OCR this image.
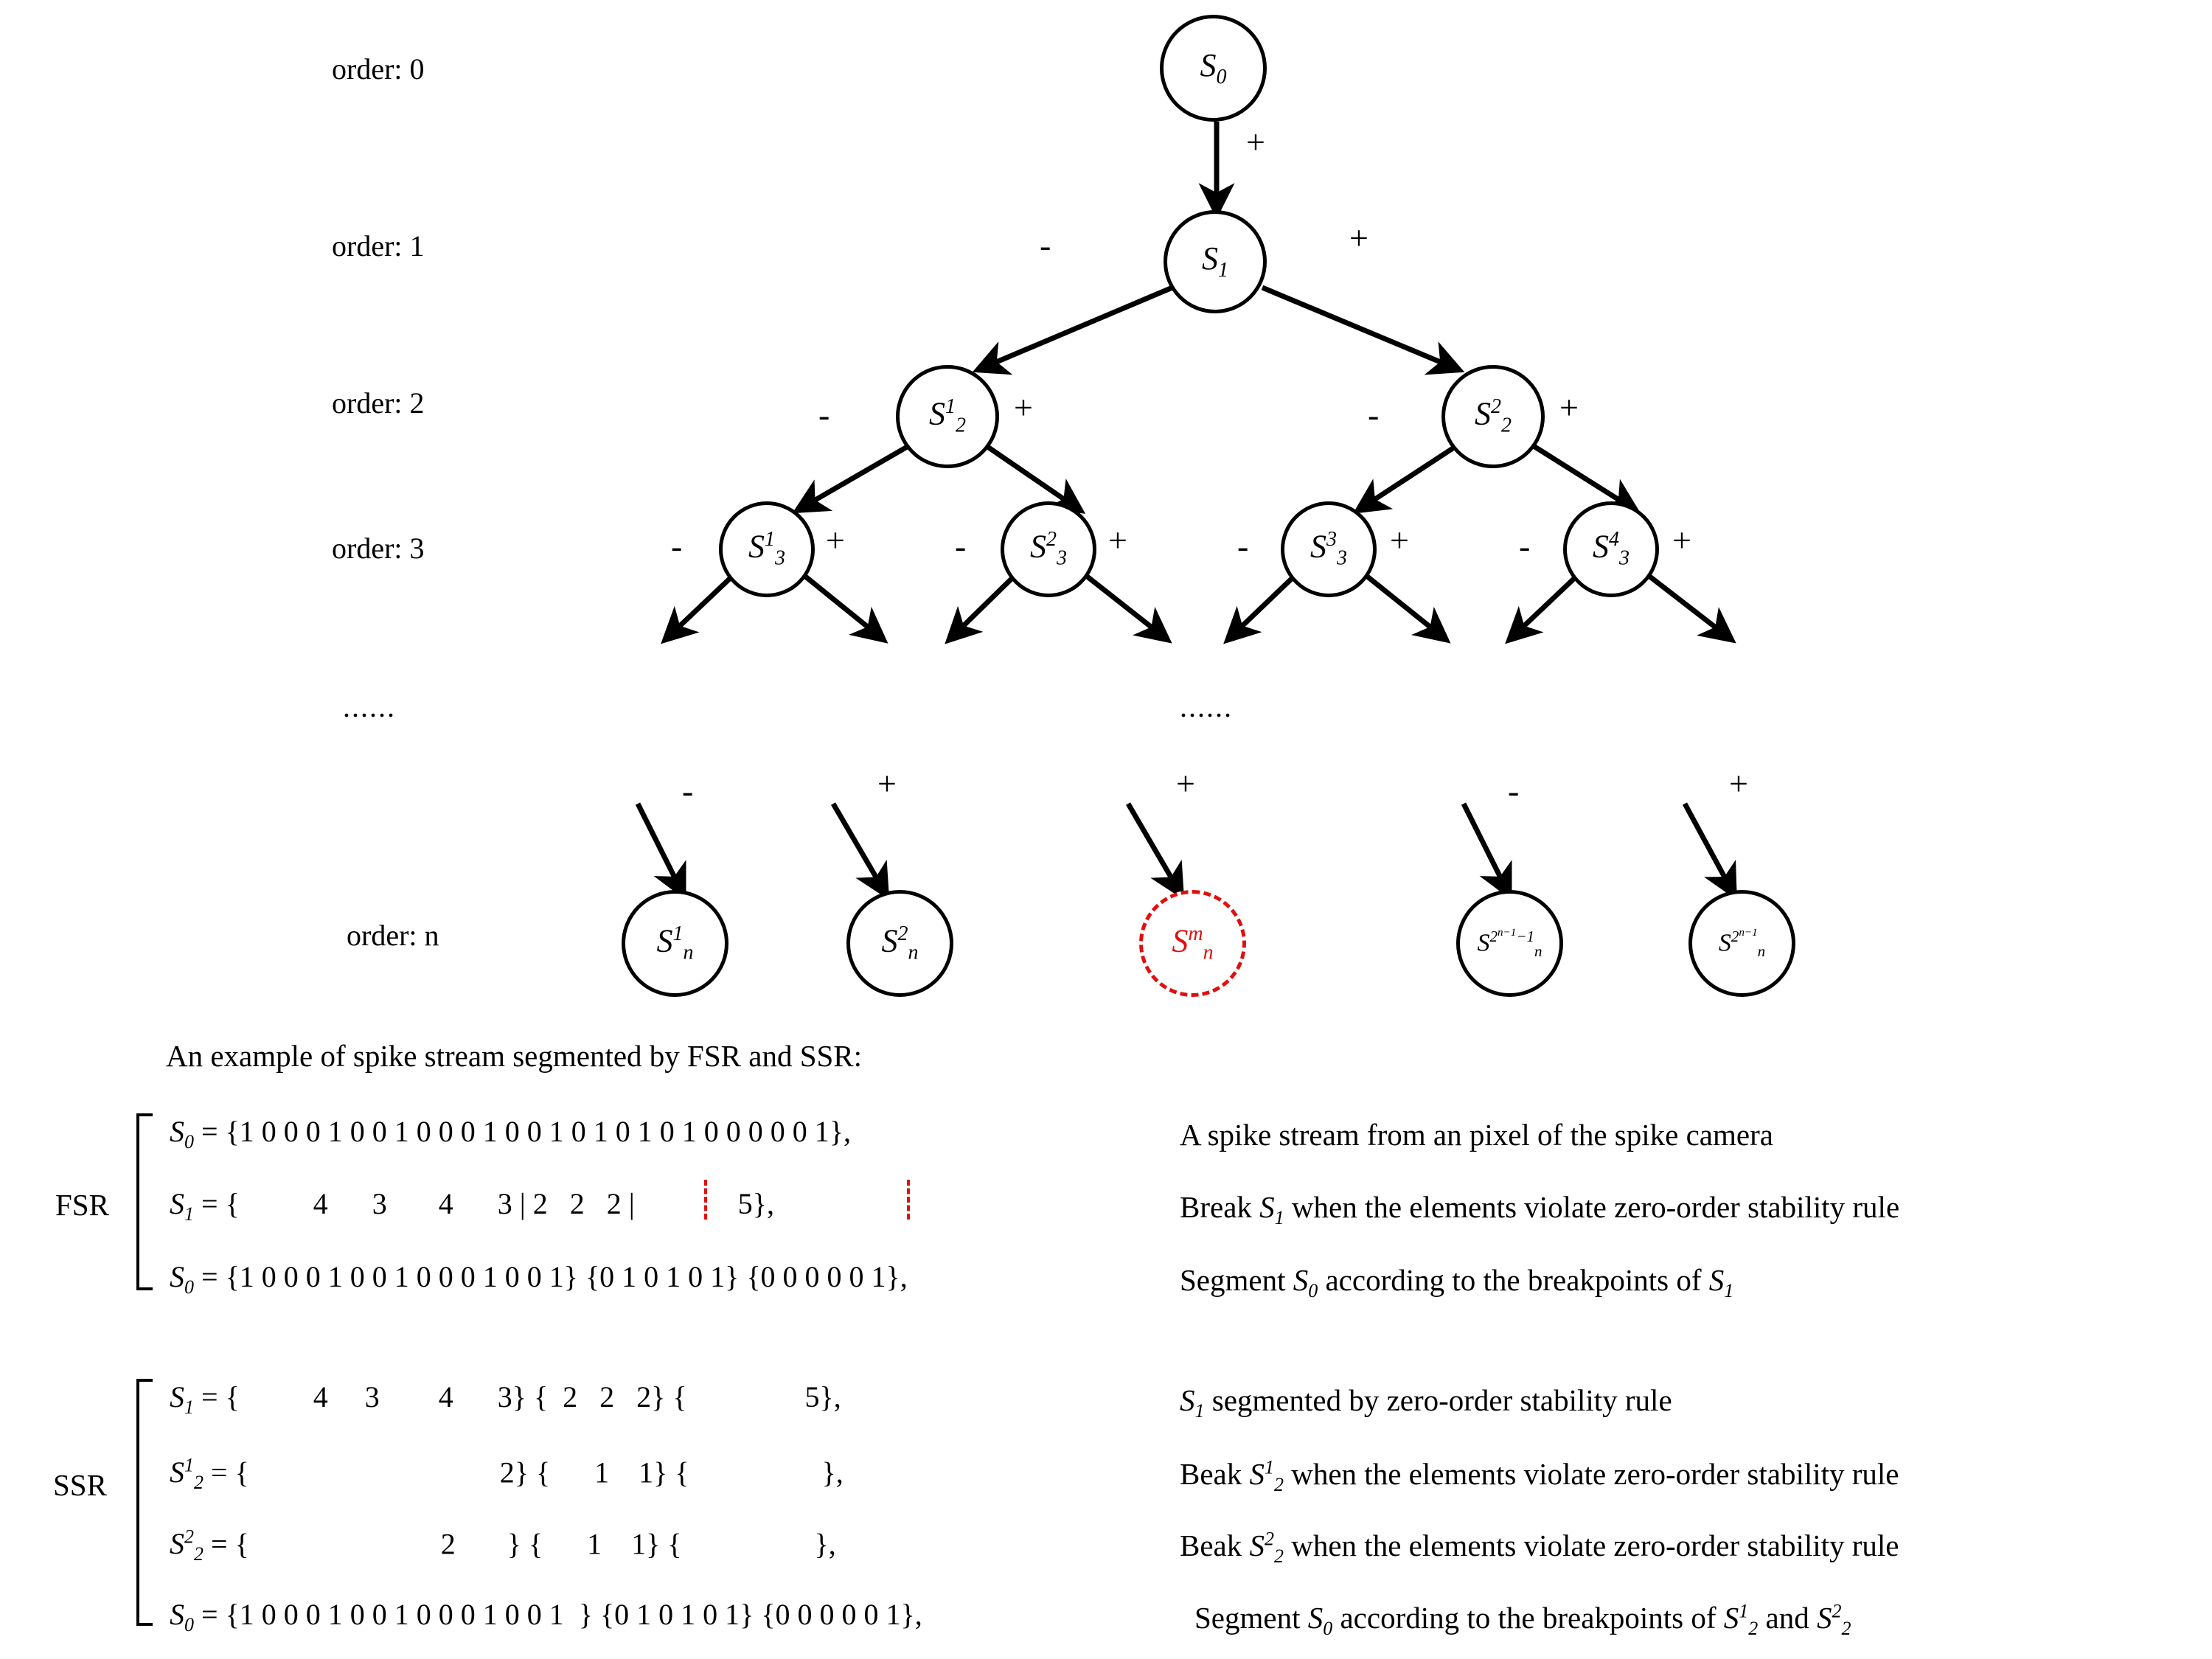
order: 0
order: 1
order: 2
order: 3
order: n
......	......
$S_0$
$S_1$
$S^1_2$	$S^2_2$
$S^1_3$	$S^2_3$	$S^3_3$	$S^4_3$
$S^1_n$	$S^2_n$	$S^m_n$	$S^{2^{n-1}-1}_n$	$S^{2^{n-1}}_n$
+
-	+
-	+	-	+
-	+	-	+	-	+	-	+
-	+	+	-	+
An example of spike stream segmented by FSR and SSR:
FSR
$S_0 = \{1$ 0 0 0 1 0 0 1 0 0 0 1 0 0 1 0 1 0 1 0 1 0 0 0 0 0 1},	A spike stream from an pixel of the spike camera
$S_1$ = {          4      3       4      3 | 2   2   2 |              5},	Break $S_1$ when the elements violate zero-order stability rule
$S_0 = \{1$ 0 0 0 1 0 0 1 0 0 0 1 0 0 1} {0 1 0 1 0 1} {0 0 0 0 0 1},	Segment $S_0$ according to the breakpoints of $S_1$
SSR
$S_1$ = {          4     3        4      3} {  2   2   2} {                5},	$S_1$ segmented by zero-order stability rule
$S^1_2$ = {                                  2} {      1    1} {                  },	Beak $S^1_2$ when the elements violate zero-order stability rule
$S^2_2$ = {                          2       } {      1    1} {                  },	Beak $S^2_2$ when the elements violate zero-order stability rule
$S_0 = \{1$ 0 0 0 1 0 0 1 0 0 0 1 0 0 1  } {0 1 0 1 0 1} {0 0 0 0 0 1},	Segment $S_0$ according to the breakpoints of $S^1_2$ and $S^2_2$
